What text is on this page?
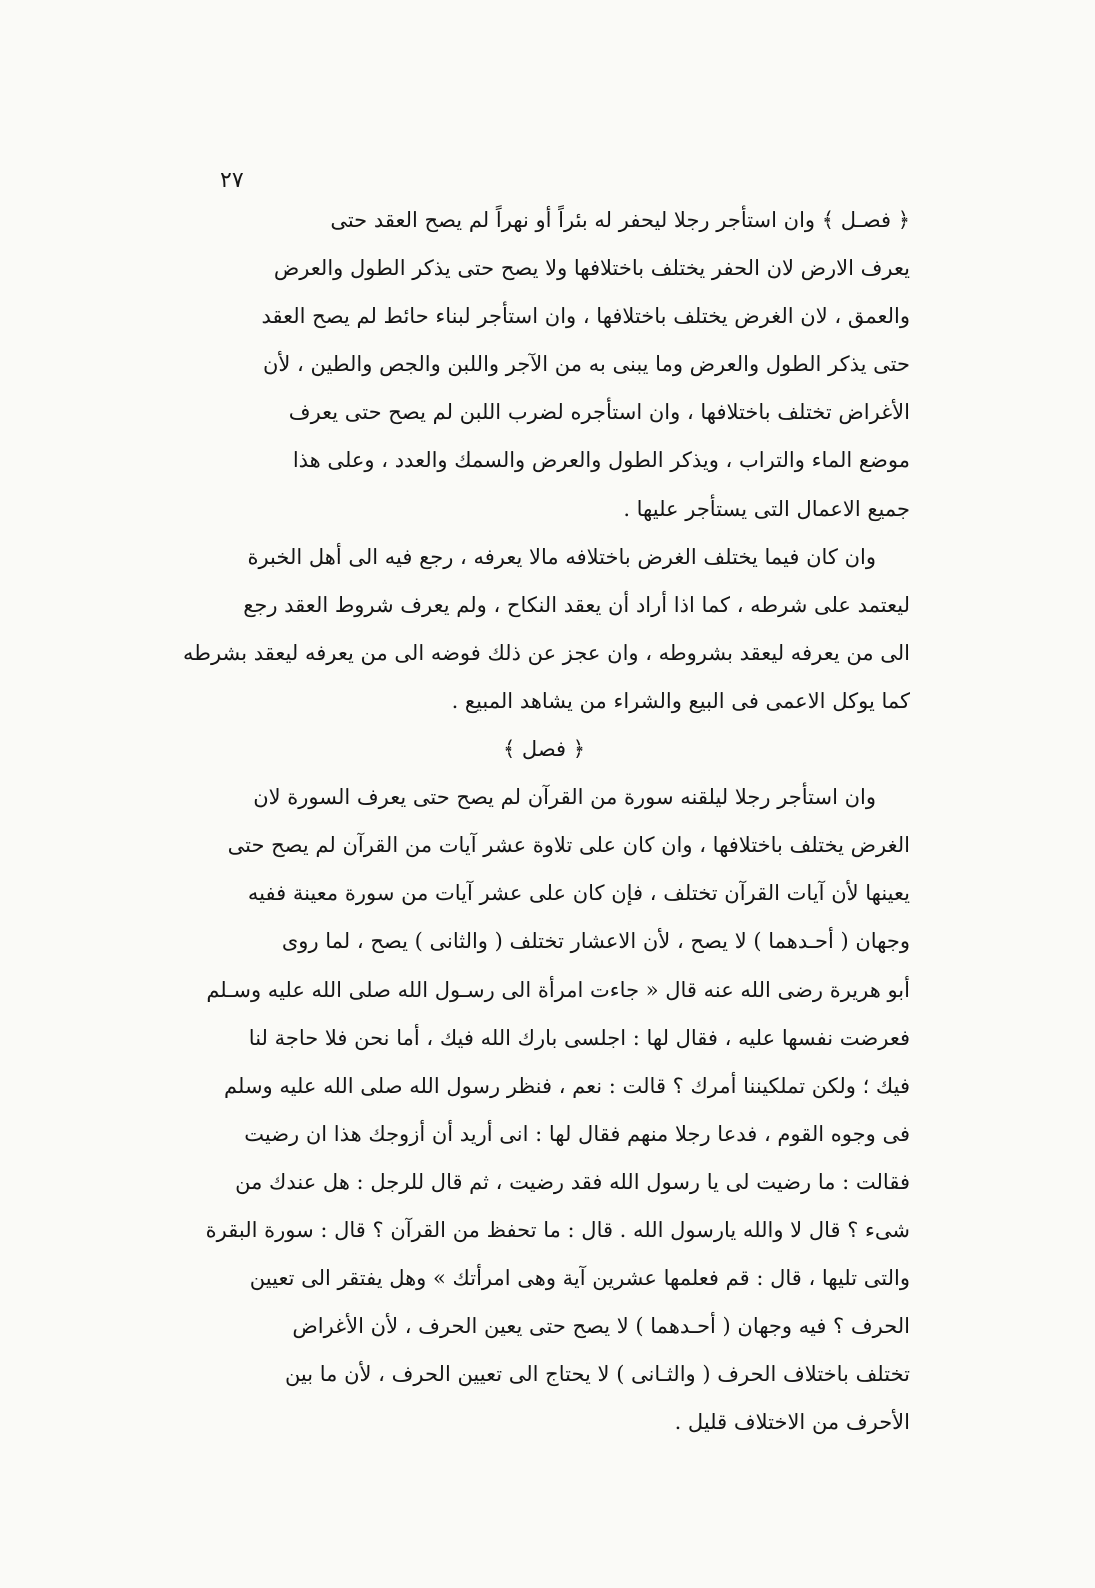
٢٧
﴿ فصـل ﴾ وان استأجر رجلا ليحفر له بئراً أو نهراً لم يصح العقد حتى
يعرف الارض لان الحفر يختلف باختلافها ولا يصح حتى يذكر الطول والعرض
والعمق ، لان الغرض يختلف باختلافها ، وان استأجر لبناء حائط لم يصح العقد
حتى يذكر الطول والعرض وما يبنى به من الآجر واللبن والجص والطين ، لأن
الأغراض تختلف باختلافها ، وان استأجره لضرب اللبن لم يصح حتى يعرف
موضع الماء والتراب ، ويذكر الطول والعرض والسمك والعدد ، وعلى هذا
جميع الاعمال التى يستأجر عليها .
وان كان فيما يختلف الغرض باختلافه مالا يعرفه ، رجع فيه الى أهل الخبرة
ليعتمد على شرطه ، كما اذا أراد أن يعقد النكاح ، ولم يعرف شروط العقد رجع
الى من يعرفه ليعقد بشروطه ، وان عجز عن ذلك فوضه الى من يعرفه ليعقد بشرطه
كما يوكل الاعمى فى البيع والشراء من يشاهد المبيع .
﴿ فصل ﴾
وان استأجر رجلا ليلقنه سورة من القرآن لم يصح حتى يعرف السورة لان
الغرض يختلف باختلافها ، وان كان على تلاوة عشر آيات من القرآن لم يصح حتى
يعينها لأن آيات القرآن تختلف ، فإن كان على عشر آيات من سورة معينة ففيه
وجهان ( أحـدهما ) لا يصح ، لأن الاعشار تختلف ( والثانى ) يصح ، لما روى
أبو هريرة رضى الله عنه قال « جاءت امرأة الى رسـول الله صلى الله عليه وسـلم
فعرضت نفسها عليه ، فقال لها : اجلسى بارك الله فيك ، أما نحن فلا حاجة لنا
فيك ؛ ولكن تملكيننا أمرك ؟ قالت : نعم ، فنظر رسول الله صلى الله عليه وسلم
فى وجوه القوم ، فدعا رجلا منهم فقال لها : انى أريد أن أزوجك هذا ان رضيت
فقالت : ما رضيت لى يا رسول الله فقد رضيت ، ثم قال للرجل : هل عندك من
شىء ؟ قال لا والله يارسول الله . قال : ما تحفظ من القرآن ؟ قال : سورة البقرة
والتى تليها ، قال : قم فعلمها عشرين آية وهى امرأتك » وهل يفتقر الى تعيين
الحرف ؟ فيه وجهان ( أحـدهما ) لا يصح حتى يعين الحرف ، لأن الأغراض
تختلف باختلاف الحرف ( والثـانى ) لا يحتاج الى تعيين الحرف ، لأن ما بين
الأحرف من الاختلاف قليل .
